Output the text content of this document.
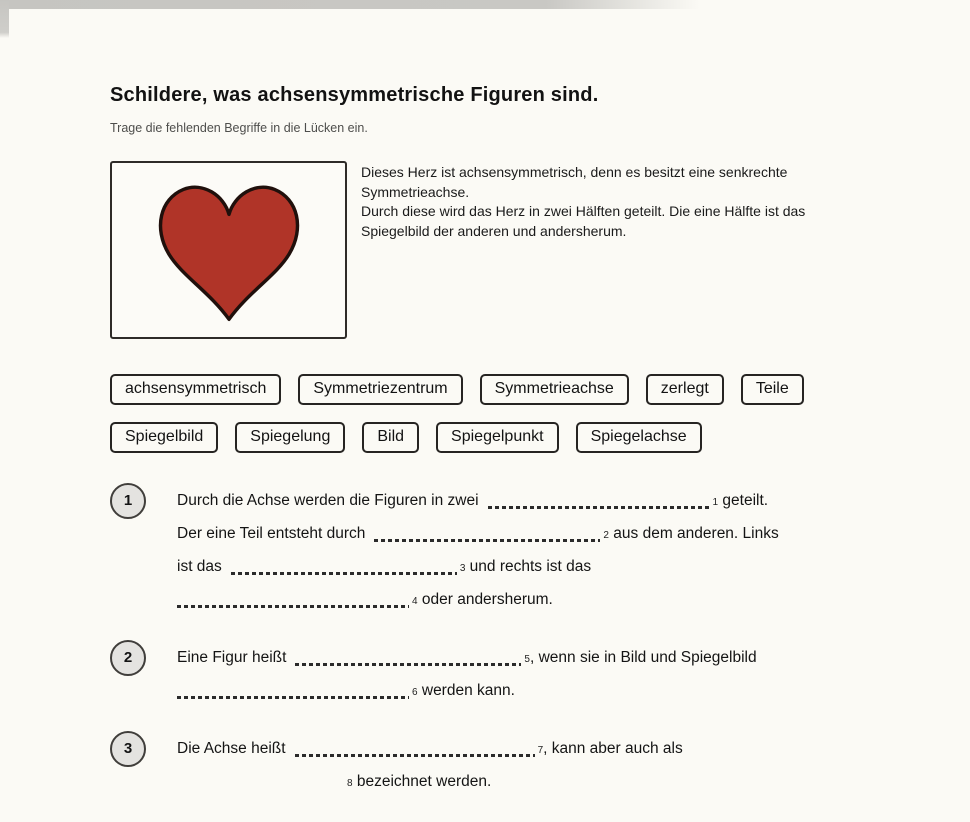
Schildere, was achsensymmetrische Figuren sind.
Trage die fehlenden Begriffe in die Lücken ein.
Dieses Herz ist achsensymmetrisch, denn es besitzt eine senkrechte
Symmetrieachse.
Durch diese wird das Herz in zwei Hälften geteilt. Die eine Hälfte ist das
Spiegelbild der anderen und andersherum.
achsensymmetrisch	Symmetriezentrum	Symmetrieachse	zerlegt	Teile
Spiegelbild	Spiegelung	Bild	Spiegelpunkt	Spiegelachse
1	Durch die Achse werden die Figuren in zwei	1 geteilt.
Der eine Teil entsteht durch	2 aus dem anderen. Links
ist das	3 und rechts ist das
4 oder andersherum.
2	Eine Figur heißt	5, wenn sie in Bild und Spiegelbild
6 werden kann.
3	Die Achse heißt	7, kann aber auch als
8 bezeichnet werden.
